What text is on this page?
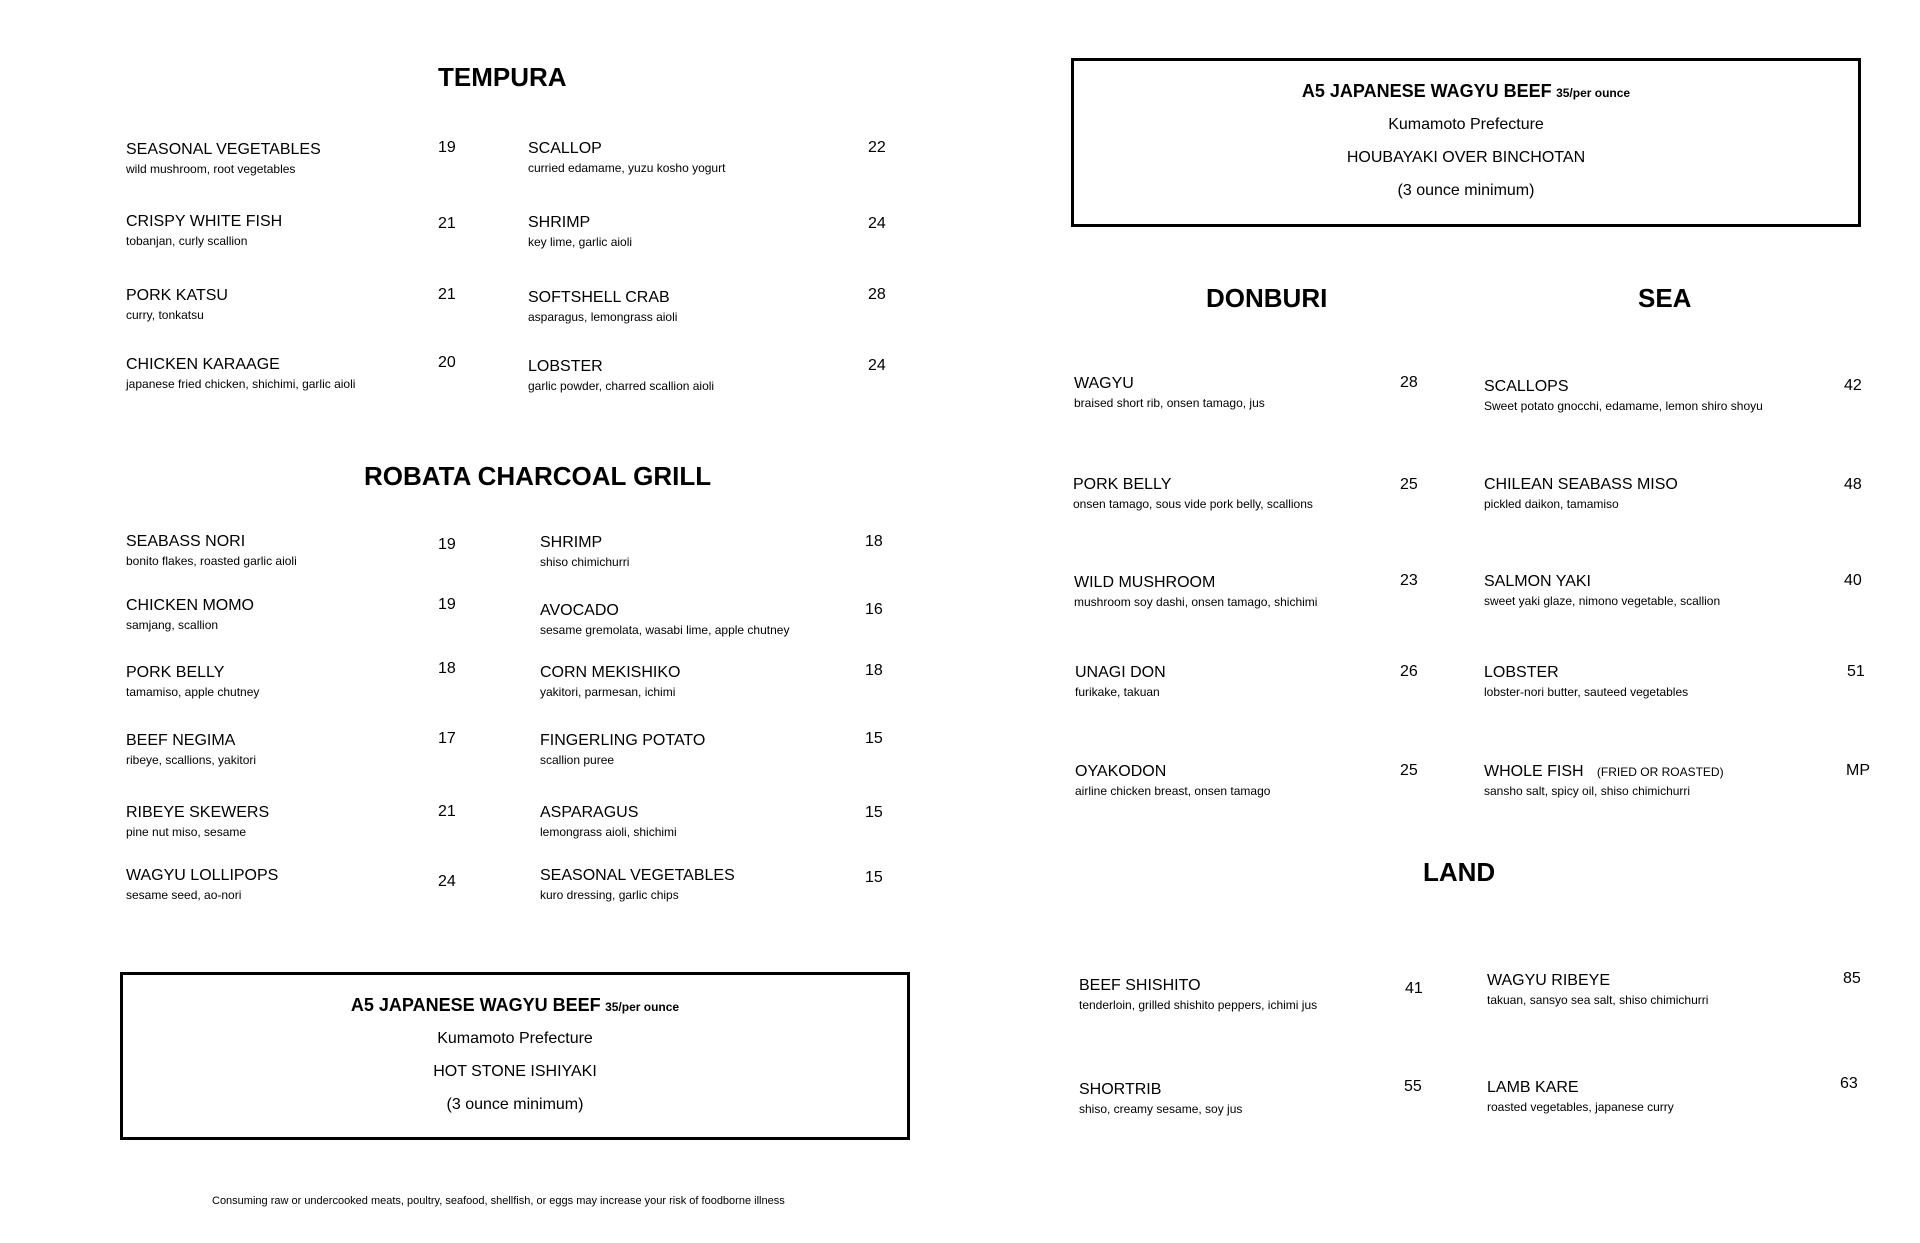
TEMPURA
SEASONAL VEGETABLES
wild mushroom, root vegetables
19
CRISPY WHITE FISH
tobanjan, curly scallion
21
PORK KATSU
curry, tonkatsu
21
CHICKEN KARAAGE
japanese fried chicken, shichimi, garlic aioli
20
SCALLOP
curried edamame, yuzu kosho yogurt
22
SHRIMP
key lime, garlic aioli
24
SOFTSHELL CRAB
asparagus, lemongrass aioli
28
LOBSTER
garlic powder, charred scallion aioli
24
ROBATA CHARCOAL GRILL
SEABASS NORI
bonito flakes, roasted garlic aioli
19
CHICKEN MOMO
samjang, scallion
19
PORK BELLY
tamamiso, apple chutney
18
BEEF NEGIMA
ribeye, scallions, yakitori
17
RIBEYE SKEWERS
pine nut miso, sesame
21
WAGYU LOLLIPOPS
sesame seed, ao-nori
24
SHRIMP
shiso chimichurri
18
AVOCADO
sesame gremolata, wasabi lime, apple chutney
16
CORN MEKISHIKO
yakitori, parmesan, ichimi
18
FINGERLING POTATO
scallion puree
15
ASPARAGUS
lemongrass aioli, shichimi
15
SEASONAL VEGETABLES
kuro dressing, garlic chips
15
A5 JAPANESE WAGYU BEEF 35/per ounce
Kumamoto Prefecture
HOT STONE ISHIYAKI
(3 ounce minimum)
Consuming raw or undercooked meats, poultry, seafood, shellfish, or eggs may increase your risk of foodborne illness
A5 JAPANESE WAGYU BEEF 35/per ounce
Kumamoto Prefecture
HOUBAYAKI OVER BINCHOTAN
(3 ounce minimum)
DONBURI
WAGYU
braised short rib, onsen tamago, jus
28
PORK BELLY
onsen tamago, sous vide pork belly, scallions
25
WILD MUSHROOM
mushroom soy dashi, onsen tamago, shichimi
23
UNAGI DON
furikake, takuan
26
OYAKODON
airline chicken breast, onsen tamago
25
SEA
SCALLOPS
Sweet potato gnocchi, edamame, lemon shiro shoyu
42
CHILEAN SEABASS MISO
pickled daikon, tamamiso
48
SALMON YAKI
sweet yaki glaze, nimono vegetable, scallion
40
LOBSTER
lobster-nori butter, sauteed vegetables
51
WHOLE FISH (FRIED OR ROASTED)
sansho salt, spicy oil, shiso chimichurri
MP
LAND
BEEF SHISHITO
tenderloin, grilled shishito peppers, ichimi jus
41
SHORTRIB
shiso, creamy sesame, soy jus
55
WAGYU RIBEYE
takuan, sansyo sea salt, shiso chimichurri
85
LAMB KARE
roasted vegetables, japanese curry
63
